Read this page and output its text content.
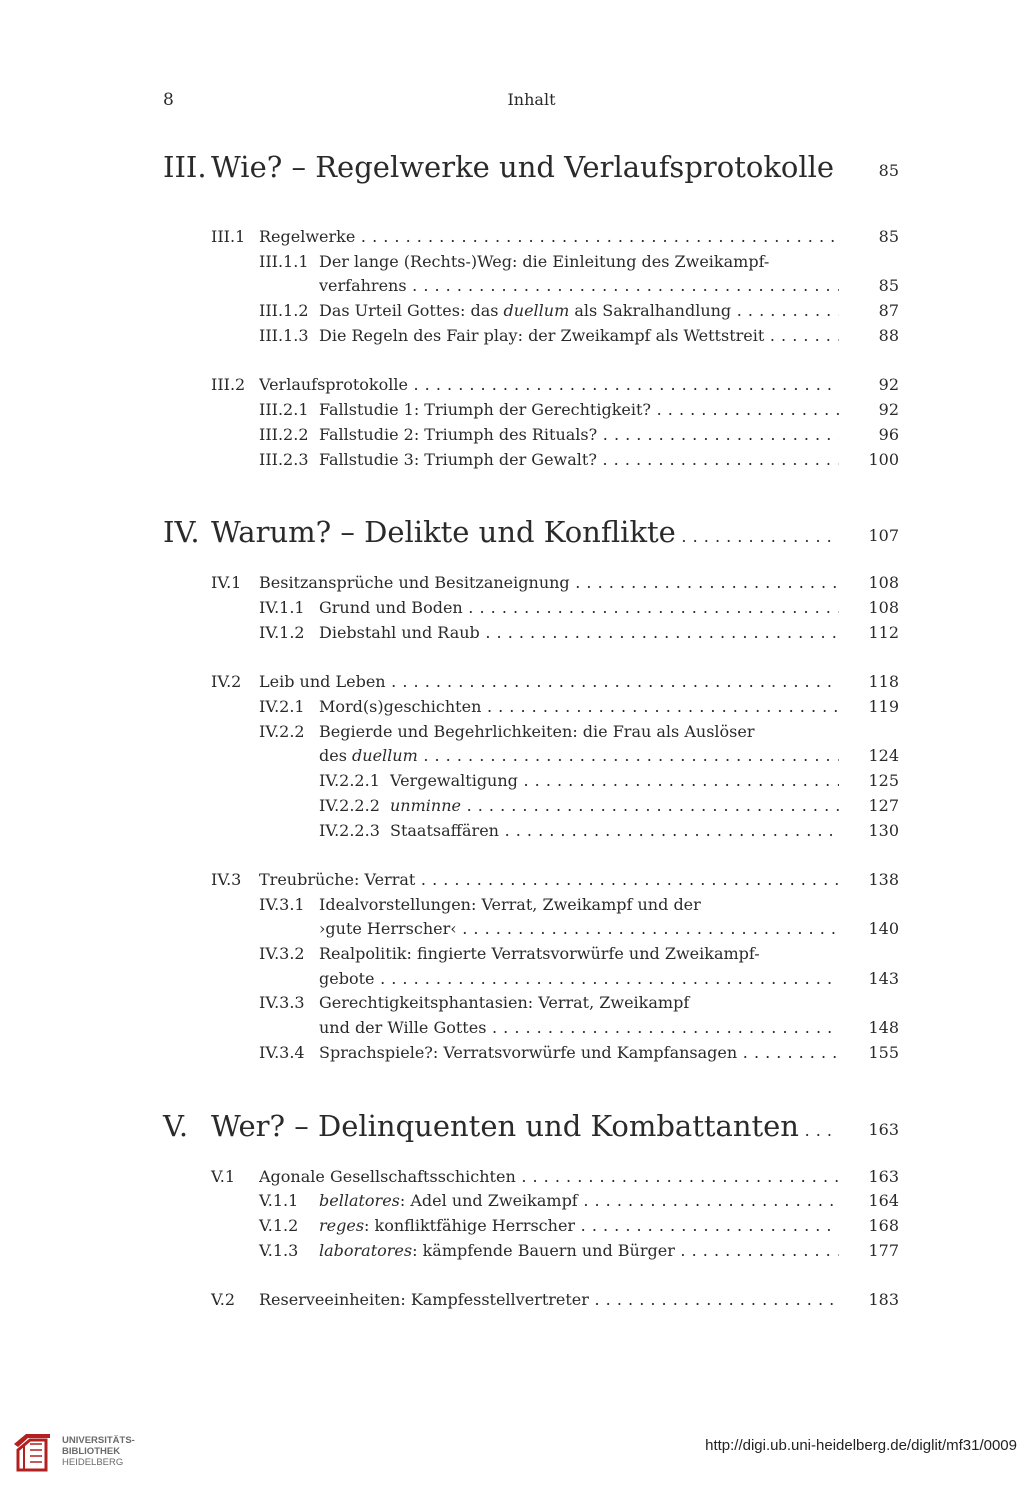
8	Inhalt
III. Wie? – Regelwerke und Verlaufsprotokolle . . .	85
III.1 Regelwerke . . .	85
III.1.1 Der lange (Rechts-)Weg: die Einleitung des Zweikampf-
verfahrens . . .	85
III.1.2 Das Urteil Gottes: das duellum als Sakralhandlung . . .	87
III.1.3 Die Regeln des Fair play: der Zweikampf als Wettstreit . . .	88
III.2 Verlaufsprotokolle . . .	92
III.2.1 Fallstudie 1: Triumph der Gerechtigkeit? . . .	92
III.2.2 Fallstudie 2: Triumph des Rituals? . . .	96
III.2.3 Fallstudie 3: Triumph der Gewalt? . . .	100
IV. Warum? – Delikte und Konflikte . . .	107
IV.1 Besitzansprüche und Besitzaneignung . . .	108
IV.1.1 Grund und Boden . . .	108
IV.1.2 Diebstahl und Raub . . .	112
IV.2 Leib und Leben . . .	118
IV.2.1 Mord(s)geschichten . . .	119
IV.2.2 Begierde und Begehrlichkeiten: die Frau als Auslöser
des duellum . . .	124
IV.2.2.1 Vergewaltigung . . .	125
IV.2.2.2 unminne . . .	127
IV.2.2.3 Staatsaffären . . .	130
IV.3 Treubrüche: Verrat . . .	138
IV.3.1 Idealvorstellungen: Verrat, Zweikampf und der
›gute Herrscher‹ . . .	140
IV.3.2 Realpolitik: fingierte Verratsvorwürfe und Zweikampf-
gebote . . .	143
IV.3.3 Gerechtigkeitsphantasien: Verrat, Zweikampf
und der Wille Gottes . . .	148
IV.3.4 Sprachspiele?: Verratsvorwürfe und Kampfansagen . . .	155
V. Wer? – Delinquenten und Kombattanten . . .	163
V.1 Agonale Gesellschaftsschichten . . .	163
V.1.1 bellatores: Adel und Zweikampf . . .	164
V.1.2 reges: konfliktfähige Herrscher . . .	168
V.1.3 laboratores: kämpfende Bauern und Bürger . . .	177
V.2 Reserveeinheiten: Kampfesstellvertreter . . .	183
UNIVERSITÄTS-
BIBLIOTHEK
HEIDELBERG
http://digi.ub.uni-heidelberg.de/diglit/mf31/0009
